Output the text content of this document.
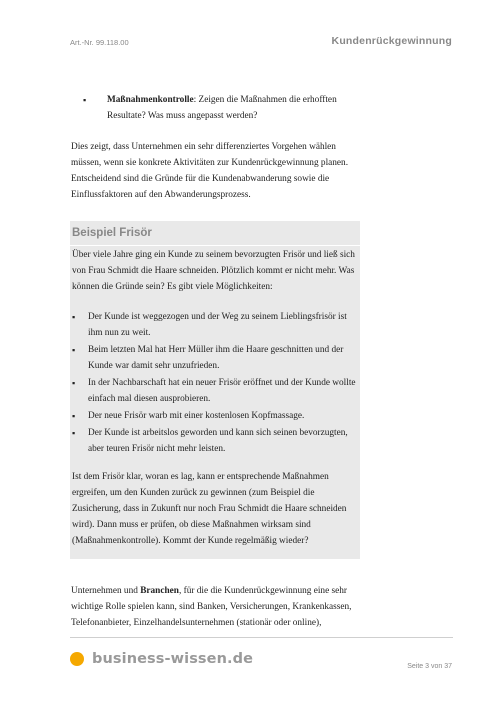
Art.-Nr. 99.118.00	Kundenrückgewinnung
▪ Maßnahmenkontrolle: Zeigen die Maßnahmen die erhofften Resultate? Was muss angepasst werden?

Dies zeigt, dass Unternehmen ein sehr differenziertes Vorgehen wählen müssen, wenn sie konkrete Aktivitäten zur Kundenrückgewinnung planen. Entscheidend sind die Gründe für die Kundenabwanderung sowie die Einflussfaktoren auf den Abwanderungsprozess.

Beispiel Frisör

Über viele Jahre ging ein Kunde zu seinem bevorzugten Frisör und ließ sich von Frau Schmidt die Haare schneiden. Plötzlich kommt er nicht mehr. Was können die Gründe sein? Es gibt viele Möglichkeiten:

▪ Der Kunde ist weggezogen und der Weg zu seinem Lieblingsfrisör ist ihm nun zu weit.
▪ Beim letzten Mal hat Herr Müller ihm die Haare geschnitten und der Kunde war damit sehr unzufrieden.
▪ In der Nachbarschaft hat ein neuer Frisör eröffnet und der Kunde wollte einfach mal diesen ausprobieren.
▪ Der neue Frisör warb mit einer kostenlosen Kopfmassage.
▪ Der Kunde ist arbeitslos geworden und kann sich seinen bevorzugten, aber teuren Frisör nicht mehr leisten.

Ist dem Frisör klar, woran es lag, kann er entsprechende Maßnahmen ergreifen, um den Kunden zurück zu gewinnen (zum Beispiel die Zusicherung, dass in Zukunft nur noch Frau Schmidt die Haare schneiden wird). Dann muss er prüfen, ob diese Maßnahmen wirksam sind (Maßnahmenkontrolle). Kommt der Kunde regelmäßig wieder?

Unternehmen und Branchen, für die die Kundenrückgewinnung eine sehr wichtige Rolle spielen kann, sind Banken, Versicherungen, Krankenkassen, Telefonanbieter, Einzelhandelsunternehmen (stationär oder online),

business-wissen.de	Seite 3 von 37
